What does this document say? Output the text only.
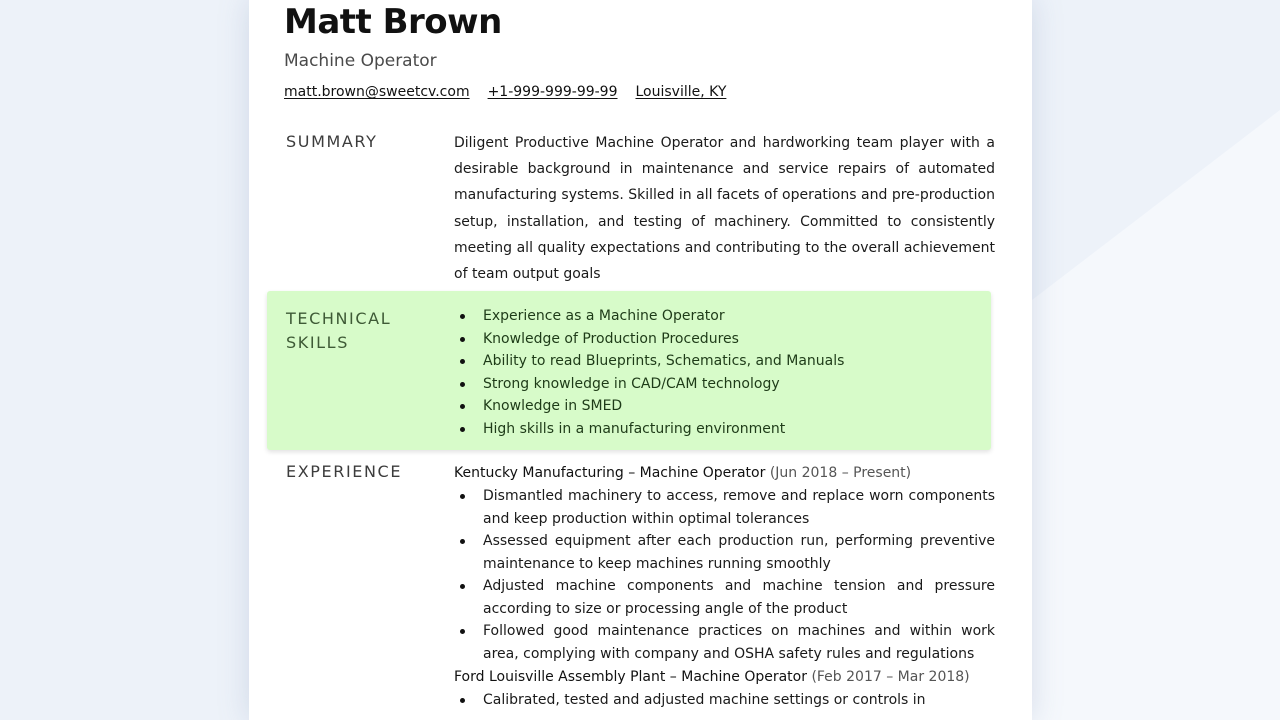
Matt Brown
Machine Operator
matt.brown@sweetcv.com +1-999-999-99-99 Louisville, KY
SUMMARY	Diligent Productive Machine Operator and hardworking team player with a desirable background in maintenance and service repairs of automated manufacturing systems. Skilled in all facets of operations and pre-production setup, installation, and testing of machinery. Committed to consistently meeting all quality expectations and contributing to the overall achievement of team output goals
TECHNICAL
SKILLS
Experience as a Machine Operator
Knowledge of Production Procedures
Ability to read Blueprints, Schematics, and Manuals
Strong knowledge in CAD/CAM technology
Knowledge in SMED
High skills in a manufacturing environment
EXPERIENCE	Kentucky Manufacturing – Machine Operator (Jun 2018 – Present)
Dismantled machinery to access, remove and replace worn components and keep production within optimal tolerances
Assessed equipment after each production run, performing preventive maintenance to keep machines running smoothly
Adjusted machine components and machine tension and pressure according to size or processing angle of the product
Followed good maintenance practices on machines and within work area, complying with company and OSHA safety rules and regulations
Ford Louisville Assembly Plant – Machine Operator (Feb 2017 – Mar 2018)
Calibrated, tested and adjusted machine settings or controls in
